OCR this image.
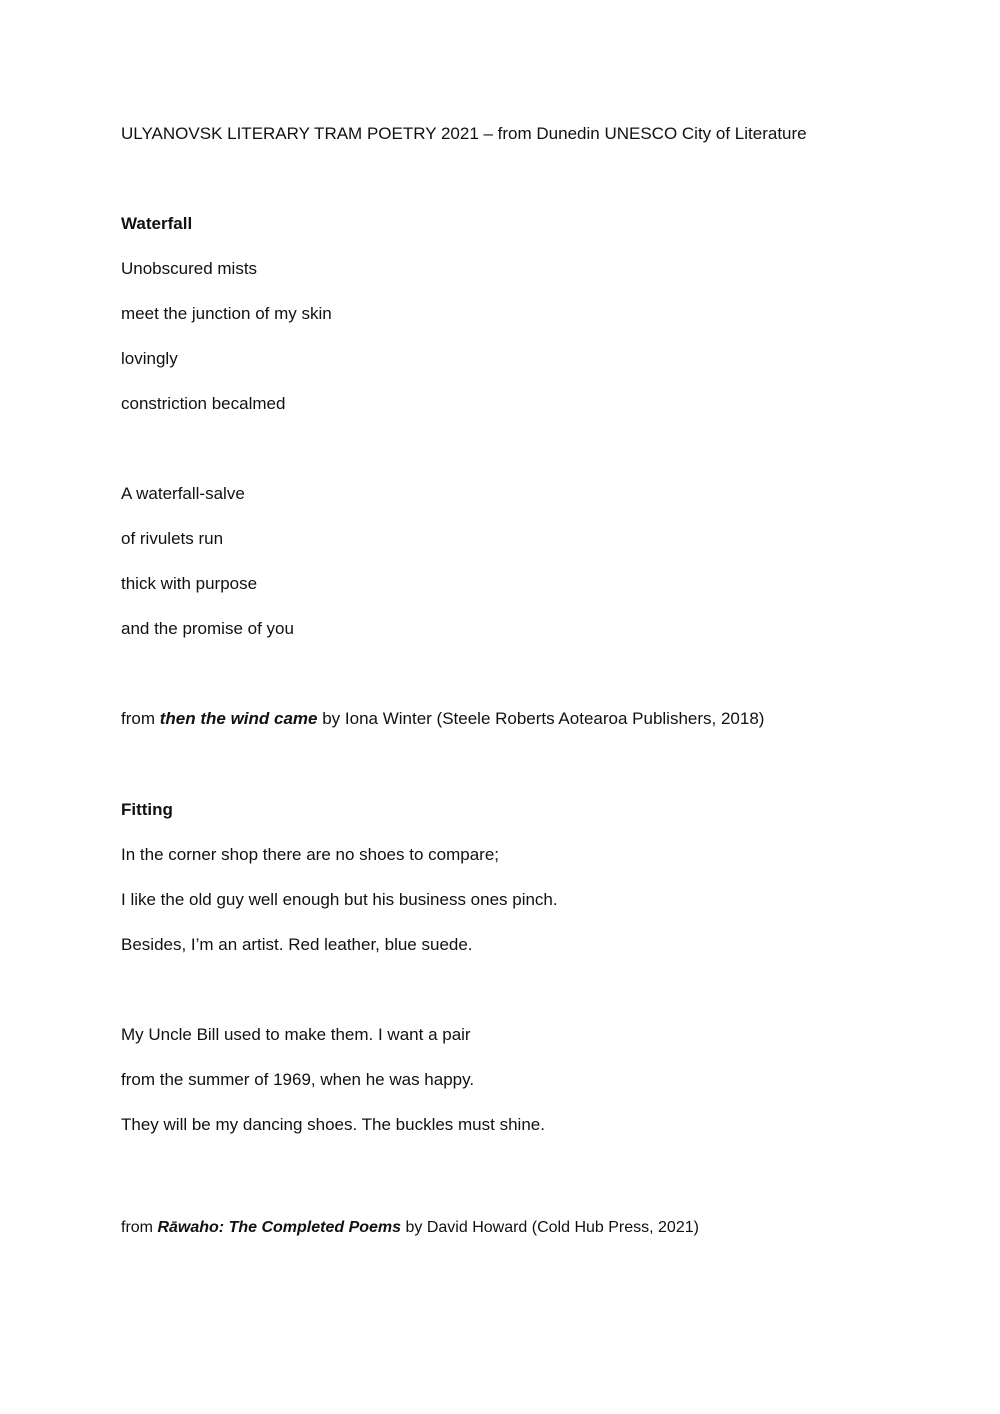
ULYANOVSK LITERARY TRAM POETRY 2021 – from Dunedin UNESCO City of Literature
Waterfall
Unobscured mists
meet the junction of my skin
lovingly
constriction becalmed
A waterfall-salve
of rivulets run
thick with purpose
and the promise of you
from then the wind came by Iona Winter (Steele Roberts Aotearoa Publishers, 2018)
Fitting
In the corner shop there are no shoes to compare;
I like the old guy well enough but his business ones pinch.
Besides, I’m an artist. Red leather, blue suede.
My Uncle Bill used to make them. I want a pair
from the summer of 1969, when he was happy.
They will be my dancing shoes. The buckles must shine.
from Rāwaho: The Completed Poems by David Howard (Cold Hub Press, 2021)
